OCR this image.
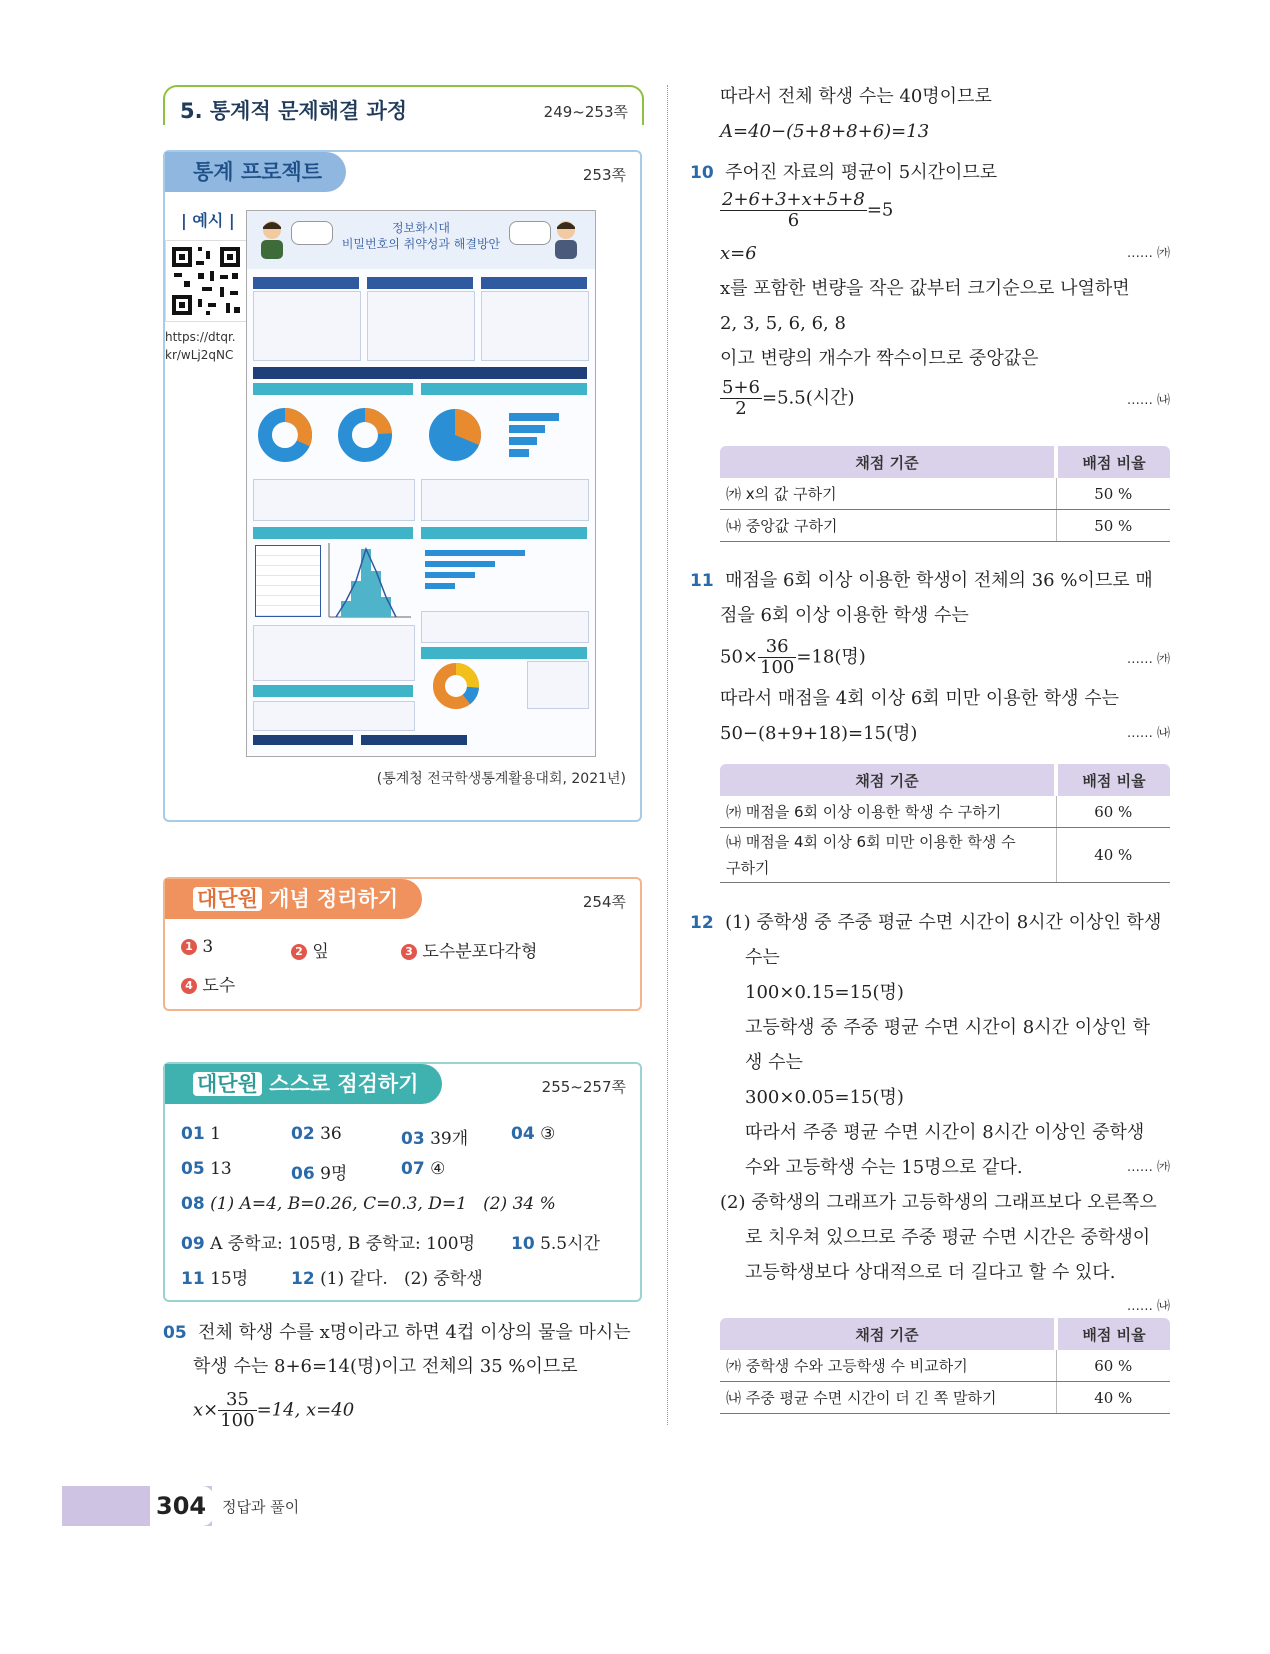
5. 통계적 문제해결 과정	249~253쪽
통계 프로젝트	253쪽
| 예시 |
https://dtqr.
kr/wLj2qNC
정보화시대
비밀번호의 취약성과 해결방안
(통계청 전국학생통계활용대회, 2021년)
대단원 개념 정리하기	254쪽
1 3	2 잎	3 도수분포다각형
4 도수
대단원 스스로 점검하기	255~257쪽
01 1	02 36	03 39개	04 ③
05 13	06 9명	07 ④
08 (1) A=4, B=0.26, C=0.3, D=1   (2) 34 %
09 A 중학교: 105명, B 중학교: 100명 10 5.5시간
11 15명	12 (1) 같다.   (2) 중학생
05 전체 학생 수를 x명이라고 하면 4컵 이상의 물을 마시는
학생 수는 8+6=14(명)이고 전체의 35 %이므로
$x\times \frac{35}{100} =14$, x=40
따라서 전체 학생 수는 40명이므로
A=40−(5+8+8+6)=13
10 주어진 자료의 평균이 5시간이므로
$\frac{2+6+3+x+5+8}{6} =5$
x=6	…… ㈎
x를 포함한 변량을 작은 값부터 크기순으로 나열하면
2, 3, 5, 6, 6, 8
이고 변량의 개수가 짝수이므로 중앙값은
$\frac{5+6}{2} =5.5$(시간)	…… ㈏
채점 기준	배점 비율
㈎ x의 값 구하기	50 %
㈏ 중앙값 구하기	50 %
11 매점을 6회 이상 이용한 학생이 전체의 36 %이므로 매
점을 6회 이상 이용한 학생 수는
$50\times \frac{36}{100} =18$(명)	…… ㈎
따라서 매점을 4회 이상 6회 미만 이용한 학생 수는
50−(8+9+18)=15(명)	…… ㈏
채점 기준	배점 비율
㈎ 매점을 6회 이상 이용한 학생 수 구하기	60 %
㈏ 매점을 4회 이상 6회 미만 이용한 학생 수
구하기	40 %
12 (1) 중학생 중 주중 평균 수면 시간이 8시간 이상인 학생
수는
100×0.15=15(명)
고등학생 중 주중 평균 수면 시간이 8시간 이상인 학
생 수는
300×0.05=15(명)
따라서 주중 평균 수면 시간이 8시간 이상인 중학생
수와 고등학생 수는 15명으로 같다.	…… ㈎
(2) 중학생의 그래프가 고등학생의 그래프보다 오른쪽으
로 치우쳐 있으므로 주중 평균 수면 시간은 중학생이
고등학생보다 상대적으로 더 길다고 할 수 있다.
…… ㈏
채점 기준	배점 비율
㈎ 중학생 수와 고등학생 수 비교하기	60 %
㈏ 주중 평균 수면 시간이 더 긴 쪽 말하기	40 %
304 정답과 풀이
